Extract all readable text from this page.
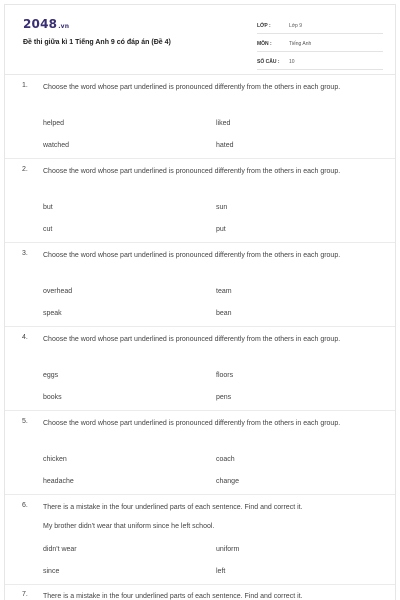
2048.vn
Đề thi giữa kì 1 Tiếng Anh 9 có đáp án (Đề 4)
LỚP :	Lớp 9
MÔN :	Tiếng Anh
SỐ CÂU : 10
1. Choose the word whose part underlined is pronounced differently from the others in each group.
helped	liked
watched	hated
2. Choose the word whose part underlined is pronounced differently from the others in each group.
but	sun
cut	put
3. Choose the word whose part underlined is pronounced differently from the others in each group.
overhead	team
speak	bean
4. Choose the word whose part underlined is pronounced differently from the others in each group.
eggs	floors
books	pens
5. Choose the word whose part underlined is pronounced differently from the others in each group.
chicken	coach
headache	change
6. There is a mistake in the four underlined parts of each sentence. Find and correct it.
My brother didn't wear that uniform since he left school.
didn't wear	uniform
since	left
7. There is a mistake in the four underlined parts of each sentence. Find and correct it.
